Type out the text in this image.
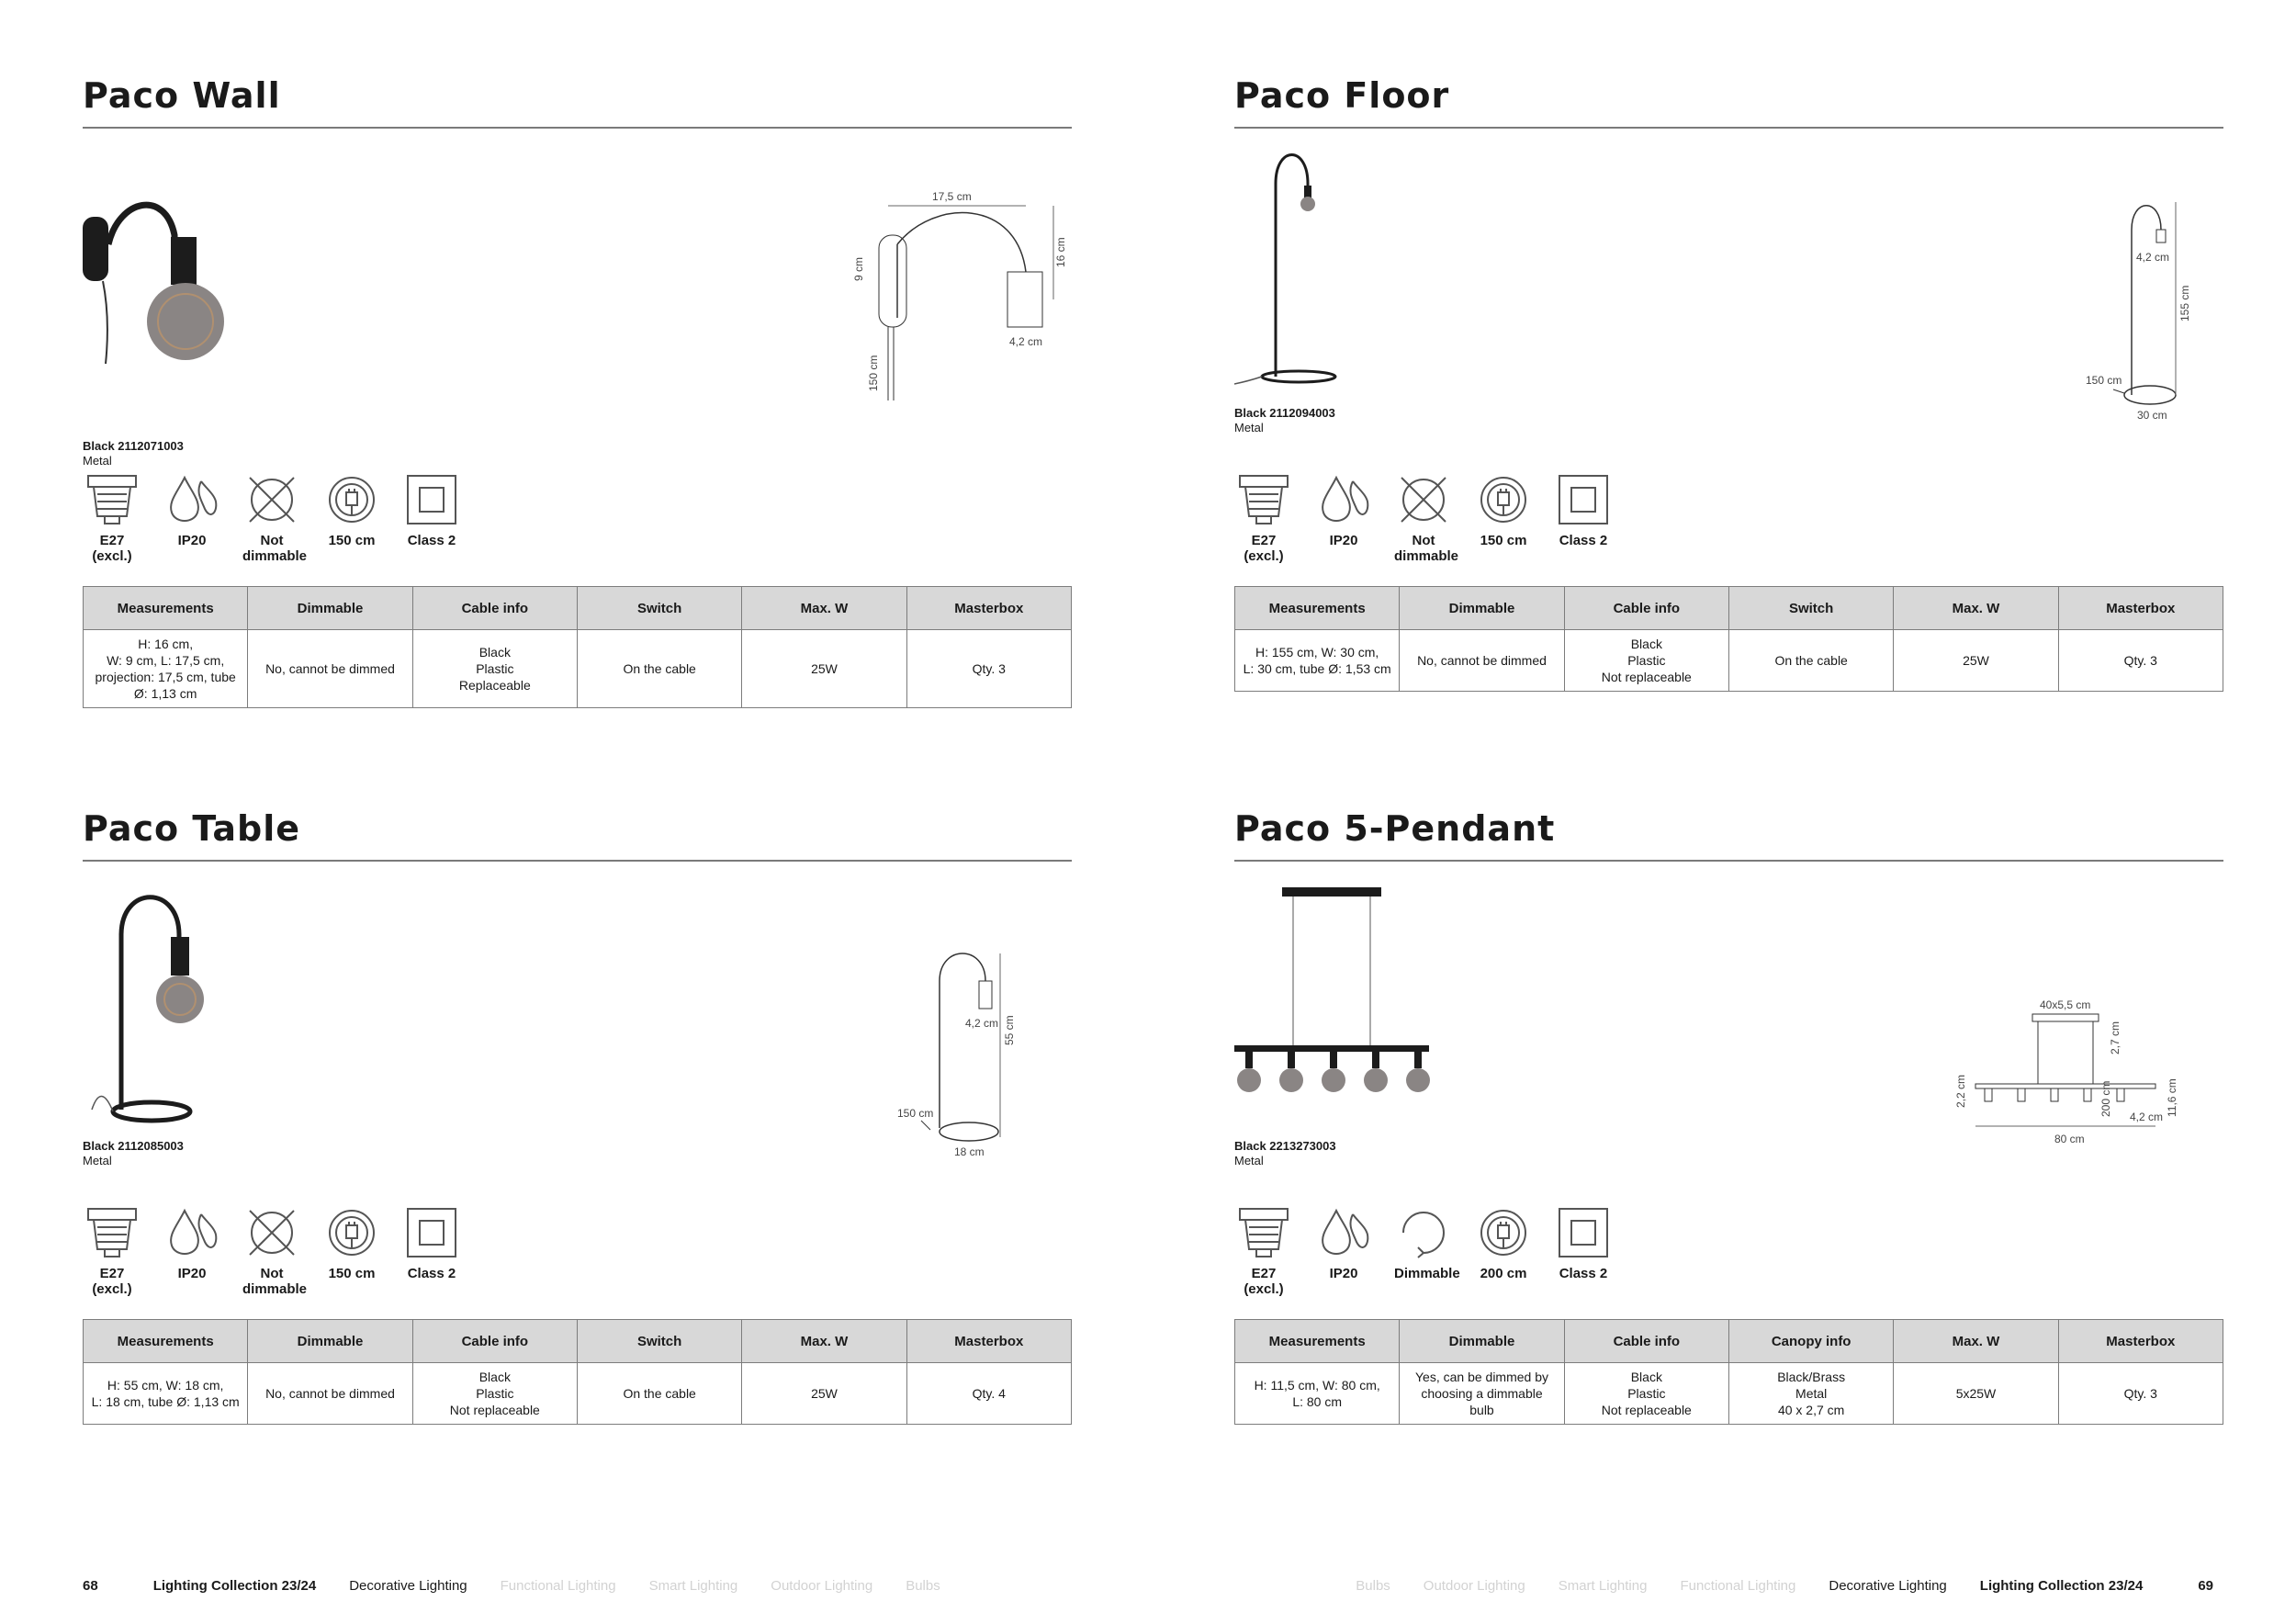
Paco Wall
17,5 cm
16 cm
9 cm
150 cm
4,2 cm
Black 2112071003
Metal
E27
(excl.)
IP20	Not
dimmable
150 cm	Class 2
Measurements	Dimmable	Cable info	Switch	Max. W	Masterbox
H: 16 cm,
W: 9 cm, L: 17,5 cm,
projection: 17,5 cm, tube
Ø: 1,13 cm	No, cannot be dimmed	Black
Plastic
Replaceable	On the cable	25W	Qty. 3
Paco Floor
4,2 cm
155 cm
150 cm
30 cm
Black 2112094003
Metal
E27
(excl.)
IP20	Not
dimmable
150 cm	Class 2
Measurements	Dimmable	Cable info	Switch	Max. W	Masterbox
H: 155 cm, W: 30 cm,
L: 30 cm, tube Ø: 1,53 cm	No, cannot be dimmed	Black
Plastic
Not replaceable	On the cable	25W	Qty. 3
Paco Table
4,2 cm 55 cm
150 cm
18 cm
Black 2112085003
Metal
E27
(excl.)
IP20	Not
dimmable
150 cm	Class 2
Measurements	Dimmable	Cable info	Switch	Max. W	Masterbox
H: 55 cm, W: 18 cm,
L: 18 cm, tube Ø: 1,13 cm	No, cannot be dimmed	Black
Plastic
Not replaceable	On the cable	25W	Qty. 4
Paco 5-Pendant
40x5,5 cm
2,7 cm
200 cm
2,2 cm	11,6 cm
4,2 cm
80 cm
Black 2213273003
Metal
E27
(excl.)
IP20	Dimmable	200 cm	Class 2
Measurements	Dimmable	Cable info	Canopy info	Max. W	Masterbox
H: 11,5 cm, W: 80 cm,
L: 80 cm	Yes, can be dimmed by
choosing a dimmable
bulb	Black
Plastic
Not replaceable	Black/Brass
Metal
40 x 2,7 cm	5x25W	Qty. 3
68	Lighting Collection 23/24 Decorative Lighting Functional Lighting Smart Lighting Outdoor Lighting Bulbs	Bulbs Outdoor Lighting Smart Lighting Functional Lighting Decorative Lighting Lighting Collection 23/24	69
